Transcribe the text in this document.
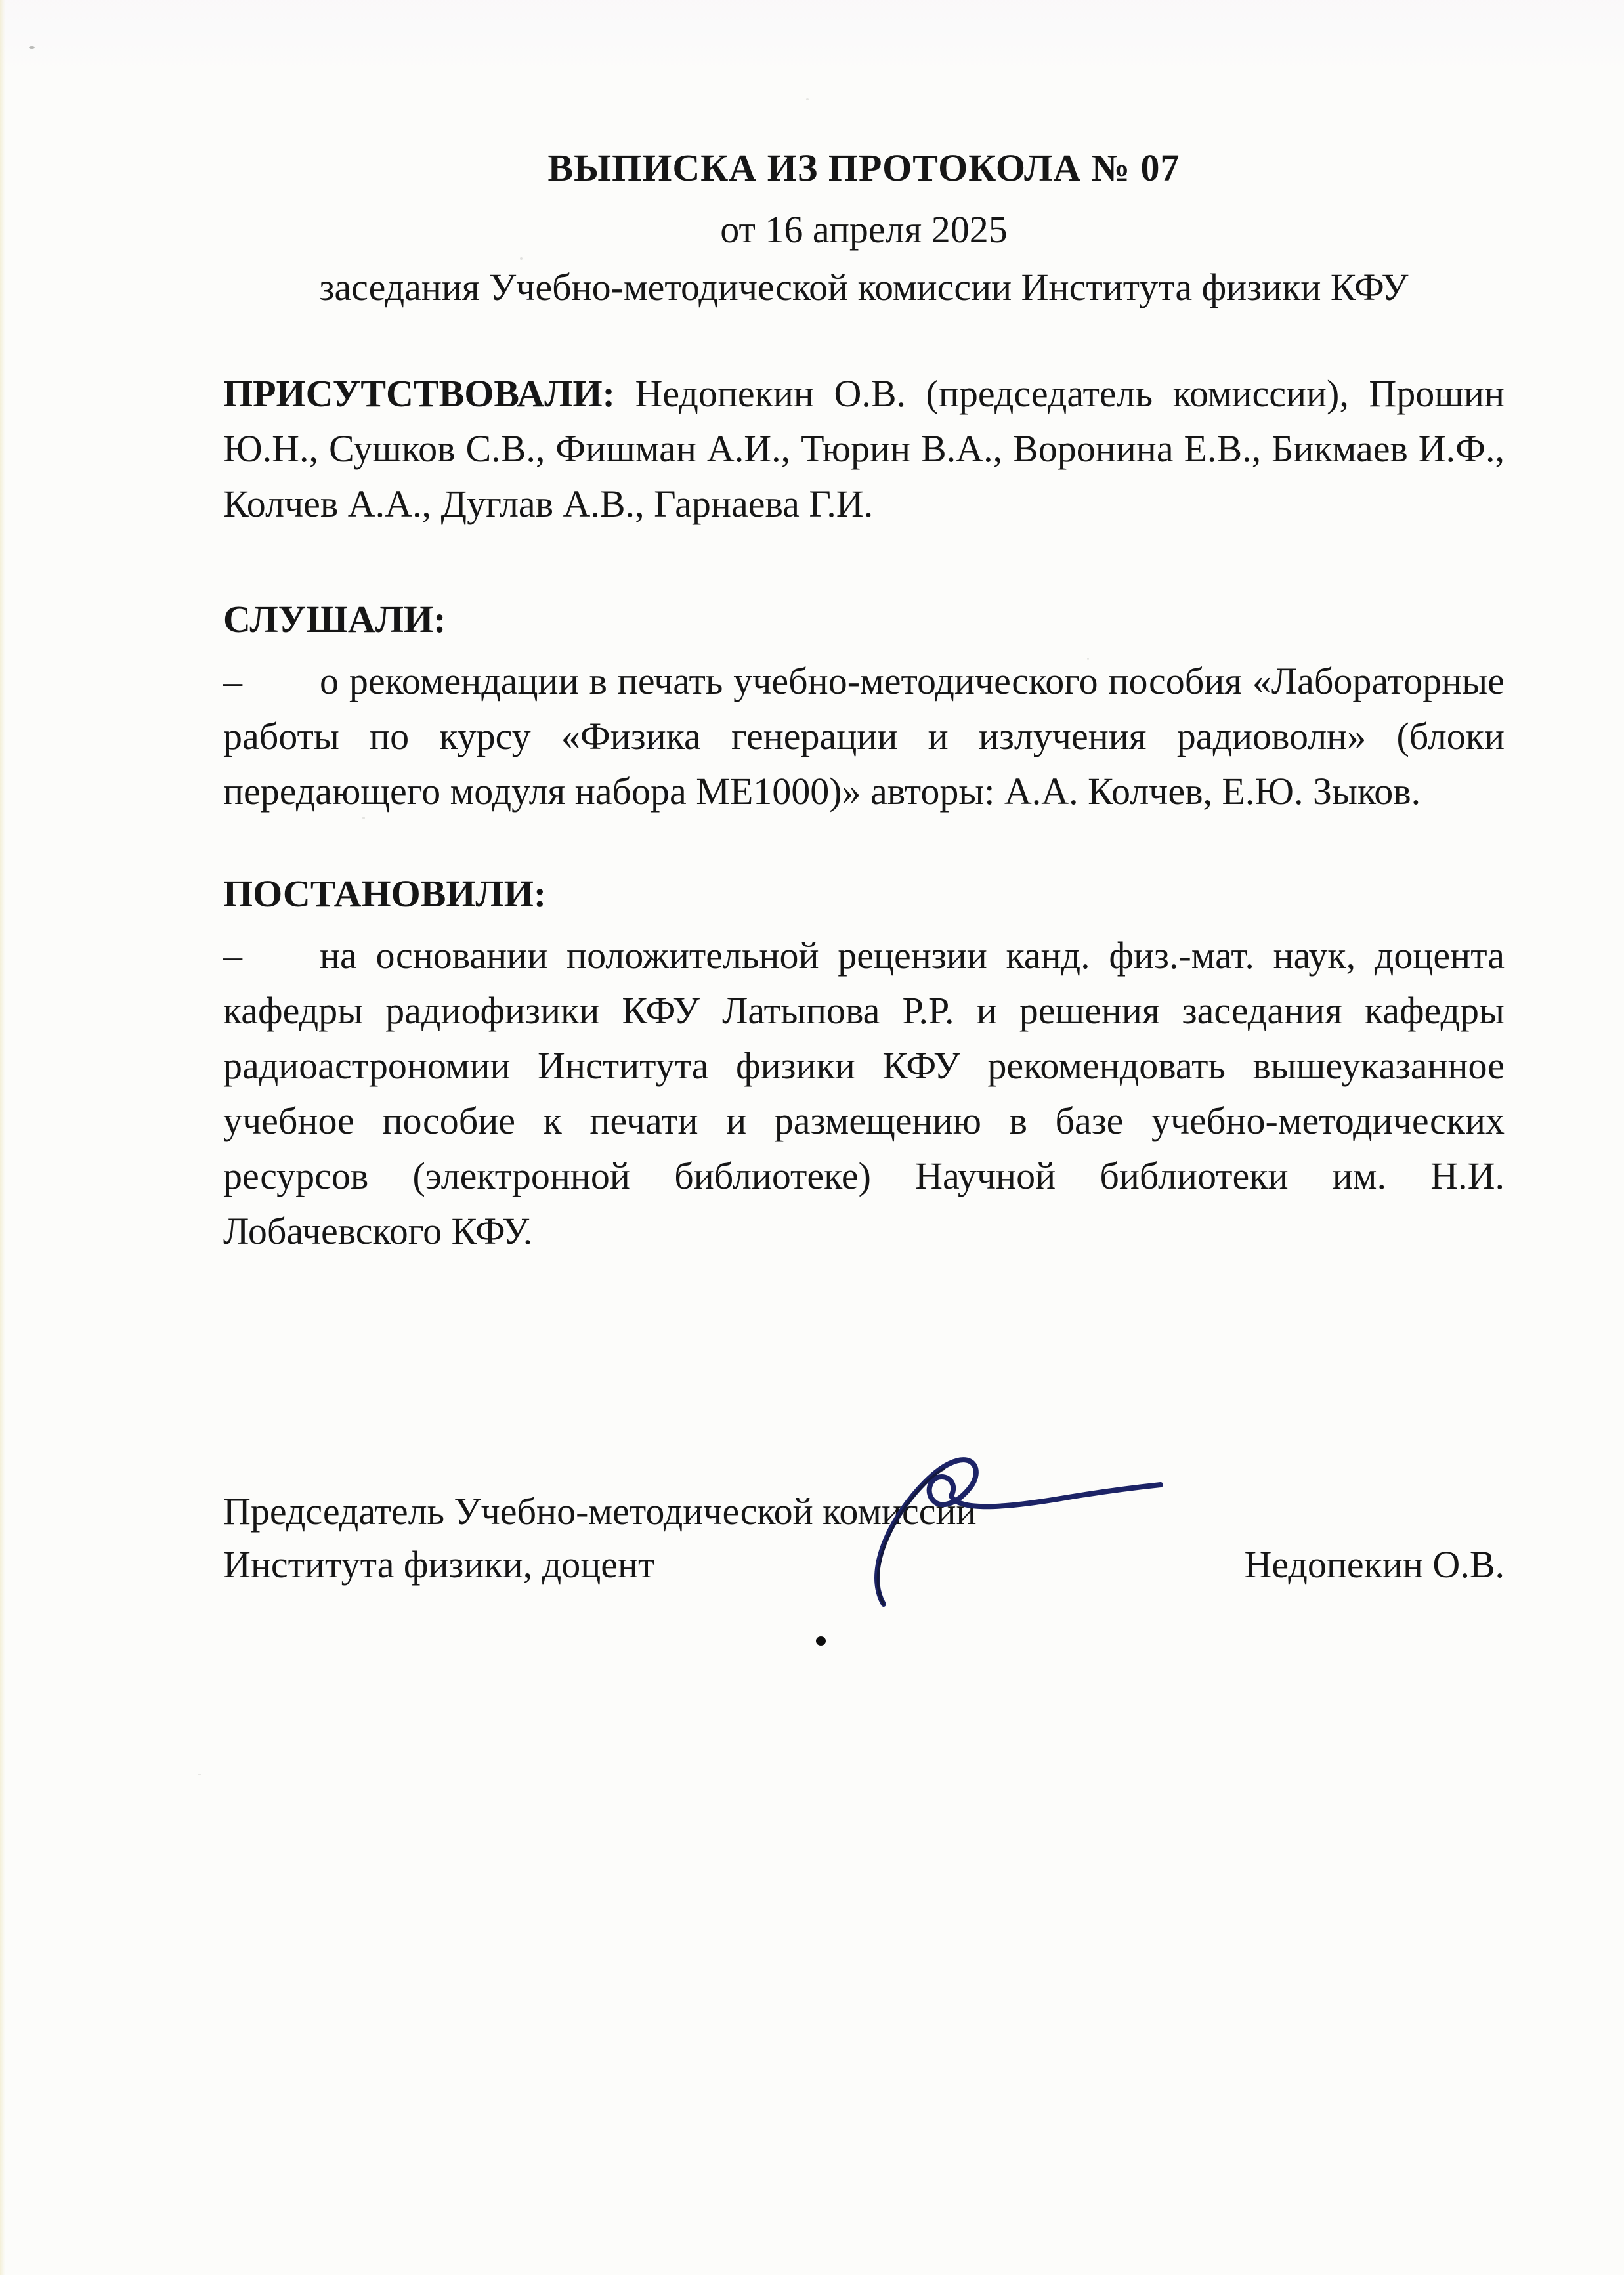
ВЫПИСКА ИЗ ПРОТОКОЛА № 07
от 16 апреля 2025
заседания Учебно-методической комиссии Института физики КФУ

ПРИСУТСТВОВАЛИ: Недопекин О.В. (председатель комиссии), Прошин Ю.Н., Сушков С.В., Фишман А.И., Тюрин В.А., Воронина Е.В., Бикмаев И.Ф., Колчев А.А., Дуглав А.В., Гарнаева Г.И.

СЛУШАЛИ:

– о рекомендации в печать учебно-методического пособия «Лабораторные работы по курсу «Физика генерации и излучения радиоволн» (блоки передающего модуля набора МЕ1000)» авторы: А.А. Колчев, Е.Ю. Зыков.

ПОСТАНОВИЛИ:

– на основании положительной рецензии канд. физ.-мат. наук, доцента кафедры радиофизики КФУ Латыпова Р.Р. и решения заседания кафедры радиоастрономии Института физики КФУ рекомендовать вышеуказанное учебное пособие к печати и размещению в базе учебно-методических ресурсов (электронной библиотеке) Научной библиотеки им. Н.И. Лобачевского КФУ.

Председатель Учебно-методической комиссии
Института физики, доцент	Недопекин О.В.
